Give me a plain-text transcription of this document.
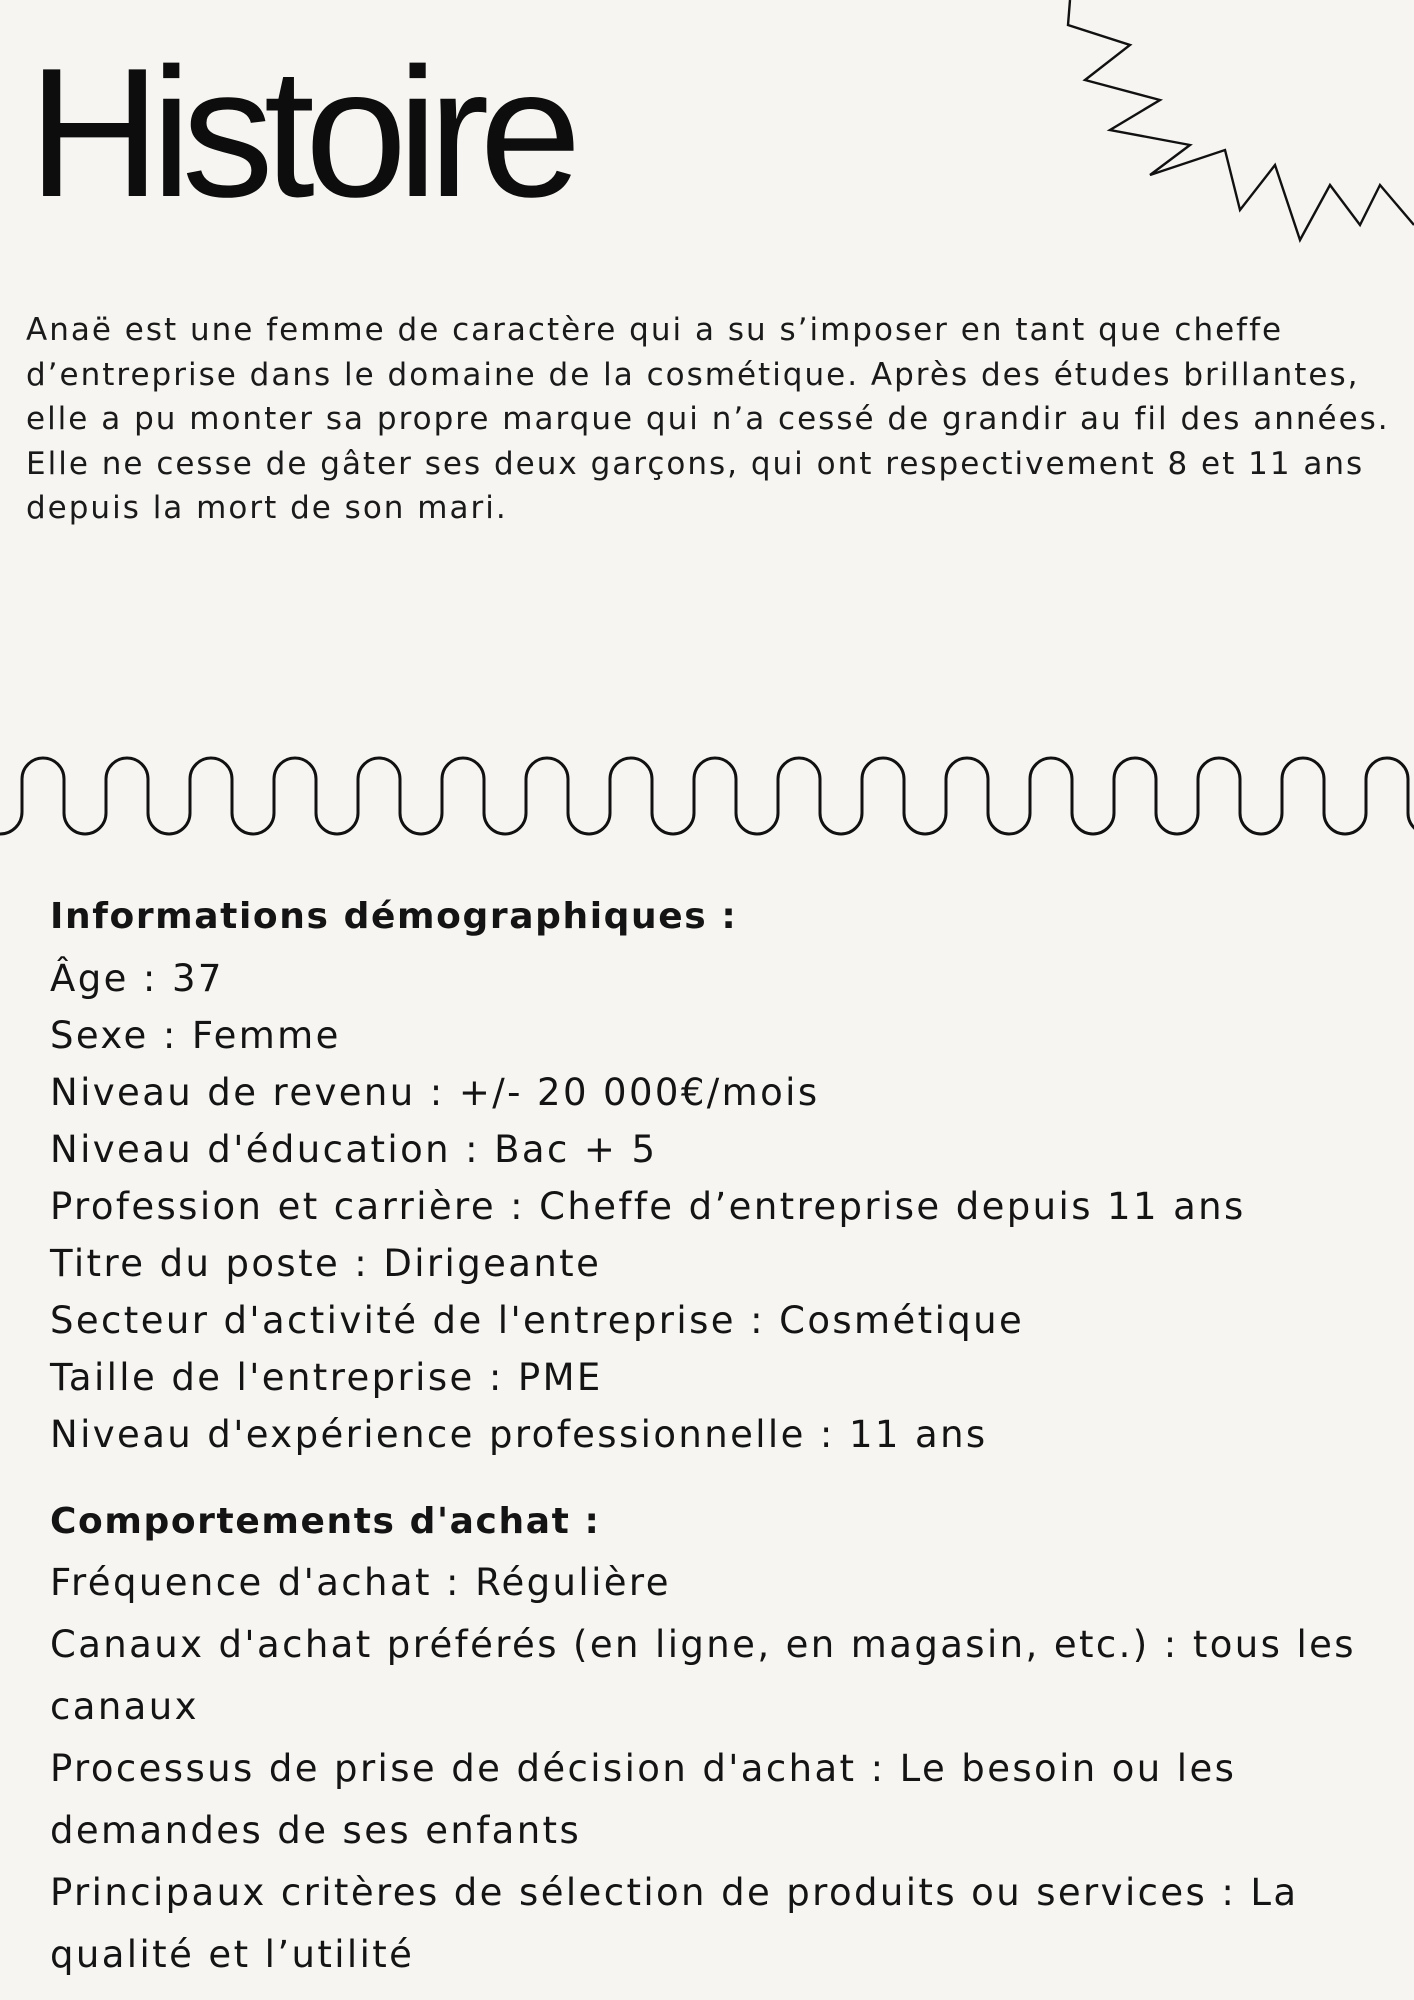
Histoire

Anaë est une femme de caractère qui a su s’imposer en tant que cheffe d’entreprise dans le domaine de la cosmétique. Après des études brillantes, elle a pu monter sa propre marque qui n’a cessé de grandir au fil des années. Elle ne cesse de gâter ses deux garçons, qui ont respectivement 8 et 11 ans depuis la mort de son mari.

Informations démographiques :
Âge : 37
Sexe : Femme
Niveau de revenu : +/- 20 000€/mois
Niveau d'éducation : Bac + 5
Profession et carrière : Cheffe d’entreprise depuis 11 ans
Titre du poste : Dirigeante
Secteur d'activité de l'entreprise : Cosmétique
Taille de l'entreprise : PME
Niveau d'expérience professionnelle : 11 ans
Comportements d'achat :
Fréquence d'achat : Régulière
Canaux d'achat préférés (en ligne, en magasin, etc.) : tous les canaux
Processus de prise de décision d'achat : Le besoin ou les demandes de ses enfants
Principaux critères de sélection de produits ou services : La qualité et l’utilité
